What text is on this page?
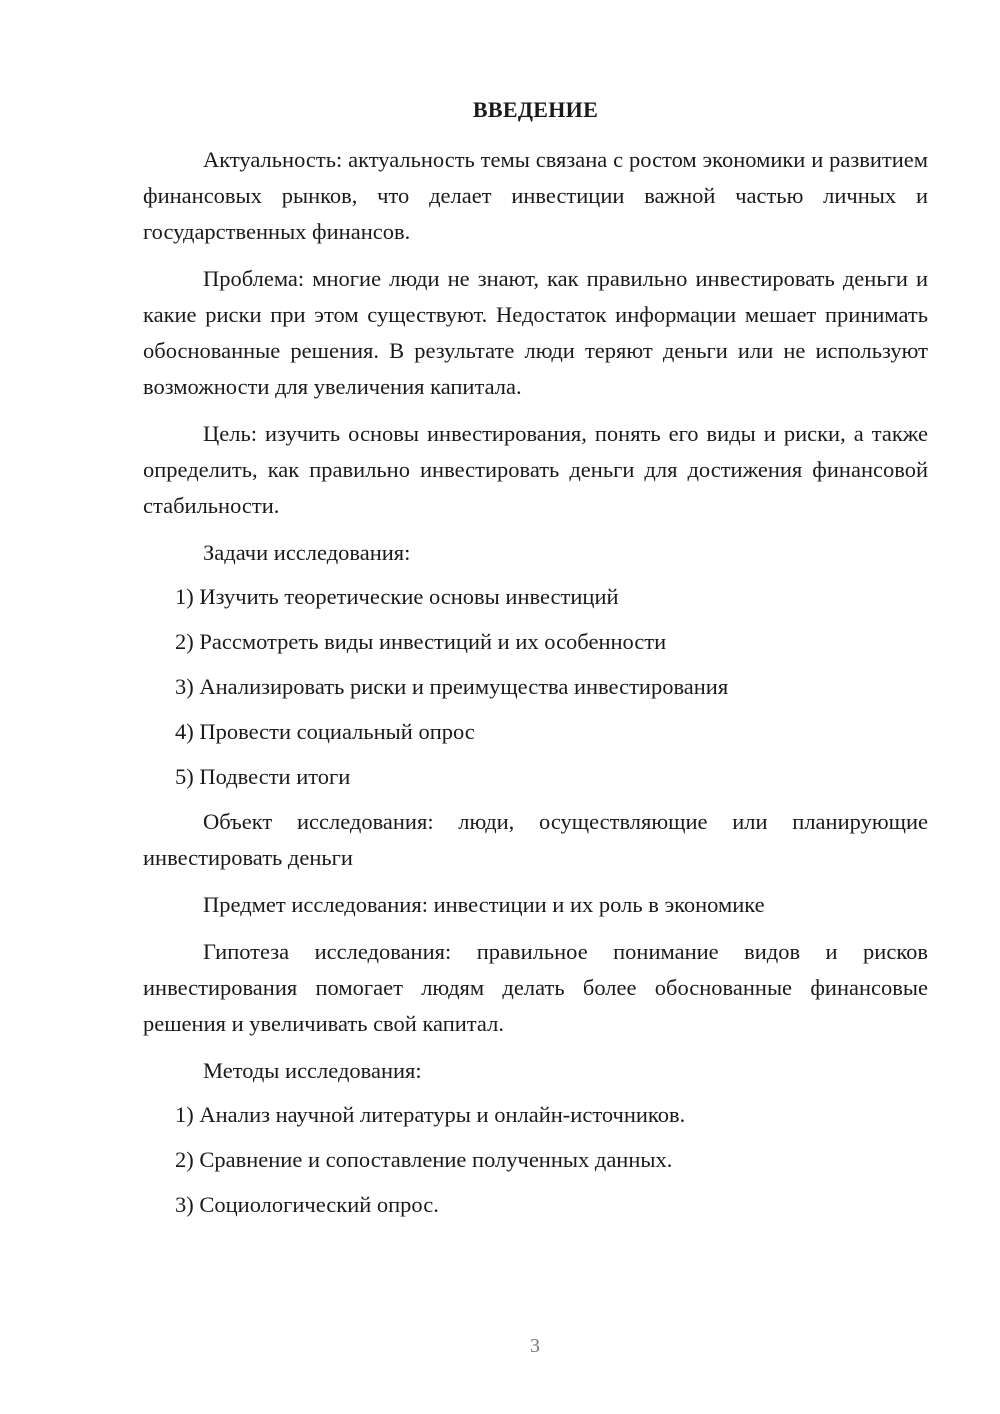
ВВЕДЕНИЕ

Актуальность: актуальность темы связана с ростом экономики и развитием финансовых рынков, что делает инвестиции важной частью личных и государственных финансов.

Проблема: многие люди не знают, как правильно инвестировать деньги и какие риски при этом существуют. Недостаток информации мешает принимать обоснованные решения. В результате люди теряют деньги или не используют возможности для увеличения капитала.

Цель: изучить основы инвестирования, понять его виды и риски, а также определить, как правильно инвестировать деньги для достижения финансовой стабильности.

Задачи исследования:

1) Изучить теоретические основы инвестиций
2) Рассмотреть виды инвестиций и их особенности
3) Анализировать риски и преимущества инвестирования
4) Провести социальный опрос
5) Подвести итоги

Объект исследования: люди, осуществляющие или планирующие инвестировать деньги

Предмет исследования: инвестиции и их роль в экономике

Гипотеза исследования: правильное понимание видов и рисков инвестирования помогает людям делать более обоснованные финансовые решения и увеличивать свой капитал.

Методы исследования:

1) Анализ научной литературы и онлайн-источников.
2) Сравнение и сопоставление полученных данных.
3) Социологический опрос.
3
